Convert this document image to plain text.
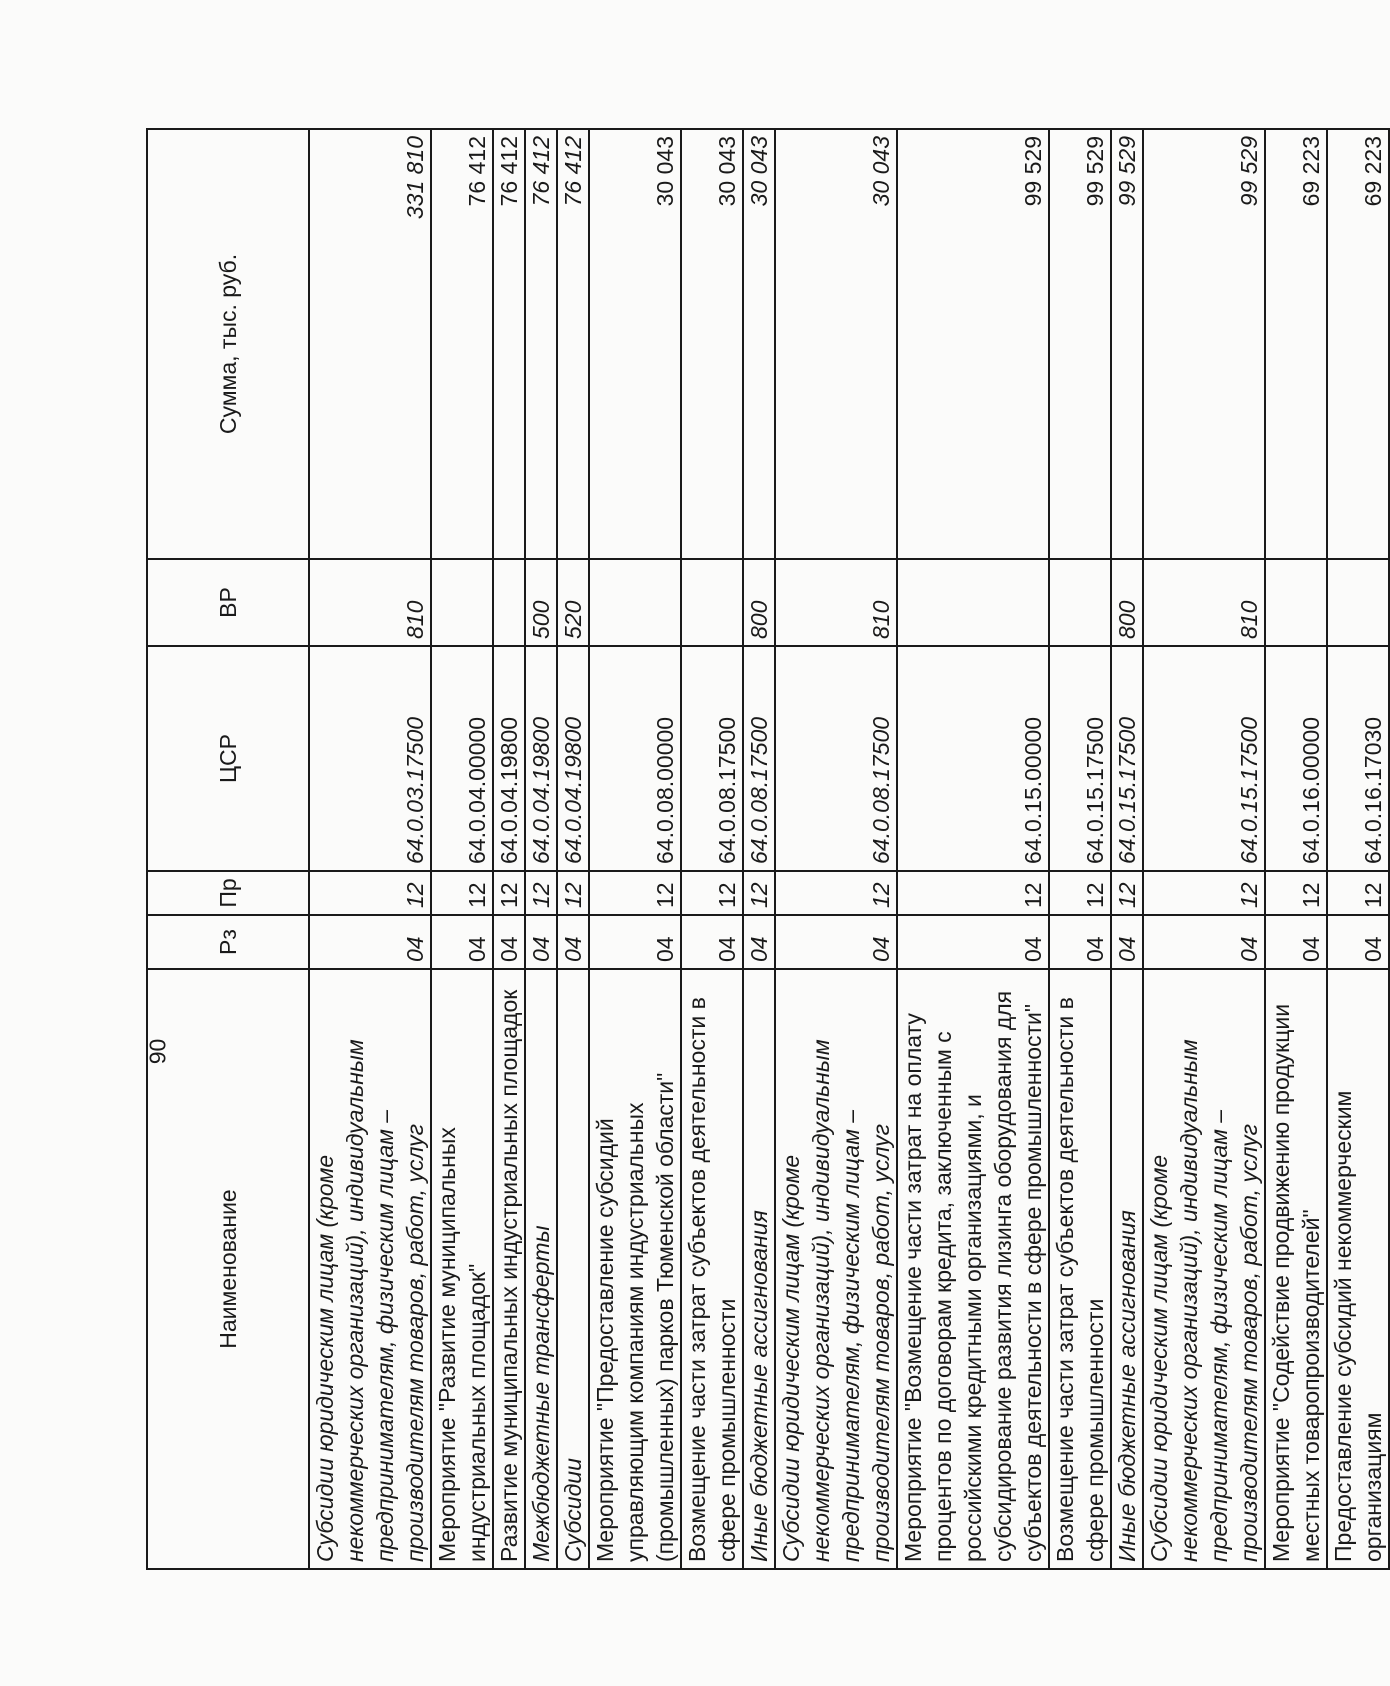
90
Наименование	Рз	Пр	ЦСР	ВР	Сумма, тыс. руб.
Субсидии юридическим лицам (кроме некоммерческих организаций), индивидуальным предпринимателям, физическим лицам – производителям товаров, работ, услуг	04	12	64.0.03.17500	810	331 810
Мероприятие "Развитие муниципальных индустриальных площадок"	04	12	64.0.04.00000		76 412
Развитие муниципальных индустриальных площадок	04	12	64.0.04.19800		76 412
Межбюджетные трансферты	04	12	64.0.04.19800	500	76 412
Субсидии	04	12	64.0.04.19800	520	76 412
Мероприятие "Предоставление субсидий управляющим компаниям индустриальных (промышленных) парков Тюменской области"	04	12	64.0.08.00000		30 043
Возмещение части затрат субъектов деятельности в сфере промышленности	04	12	64.0.08.17500		30 043
Иные бюджетные ассигнования	04	12	64.0.08.17500	800	30 043
Субсидии юридическим лицам (кроме некоммерческих организаций), индивидуальным предпринимателям, физическим лицам – производителям товаров, работ, услуг	04	12	64.0.08.17500	810	30 043
Мероприятие "Возмещение части затрат на оплату процентов по договорам кредита, заключенным с российскими кредитными организациями, и субсидирование развития лизинга оборудования для субъектов деятельности в сфере промышленности"	04	12	64.0.15.00000		99 529
Возмещение части затрат субъектов деятельности в сфере промышленности	04	12	64.0.15.17500		99 529
Иные бюджетные ассигнования	04	12	64.0.15.17500	800	99 529
Субсидии юридическим лицам (кроме некоммерческих организаций), индивидуальным предпринимателям, физическим лицам – производителям товаров, работ, услуг	04	12	64.0.15.17500	810	99 529
Мероприятие "Содействие продвижению продукции местных товаропроизводителей"	04	12	64.0.16.00000		69 223
Предоставление субсидий некоммерческим организациям	04	12	64.0.16.17030		69 223
